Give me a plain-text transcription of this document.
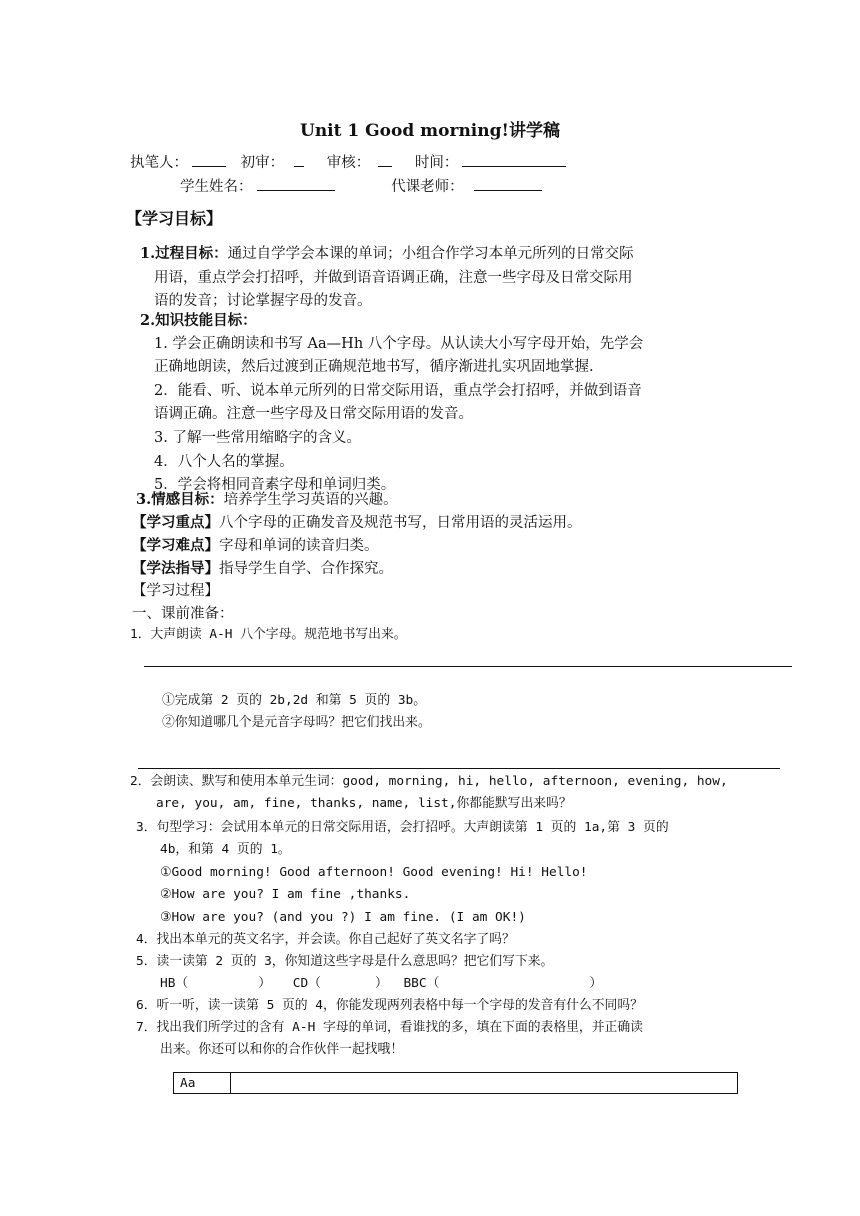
Unit 1 Good morning!讲学稿
执笔人：	初审：	审核：	时间：
学生姓名：	代课老师：
【学习目标】
1.过程目标：通过自学学会本课的单词；小组合作学习本单元所列的日常交际
用语，重点学会打招呼，并做到语音语调正确，注意一些字母及日常交际用
语的发音；讨论掌握字母的发音。
2.知识技能目标：
1. 学会正确朗读和书写 Aa—Hh 八个字母。从认读大小写字母开始，先学会
正确地朗读，然后过渡到正确规范地书写，循序渐进扎实巩固地掌握.
2．能看、听、说本单元所列的日常交际用语，重点学会打招呼，并做到语音
语调正确。注意一些字母及日常交际用语的发音。
3. 了解一些常用缩略字的含义。
4．八个人名的掌握。
5．学会将相同音素字母和单词归类。
3.情感目标：培养学生学习英语的兴趣。
【学习重点】八个字母的正确发音及规范书写，日常用语的灵活运用。
【学习难点】字母和单词的读音归类。
【学法指导】指导学生自学、合作探究。
【学习过程】
一、课前准备：
1．大声朗读 A-H 八个字母。规范地书写出来。
①完成第 2 页的 2b,2d 和第 5 页的 3b。
②你知道哪几个是元音字母吗？把它们找出来。
2．会朗读、默写和使用本单元生词：good, morning, hi, hello, afternoon, evening, how,
are, you, am, fine, thanks, name, list,你都能默写出来吗？
3．句型学习：会试用本单元的日常交际用语，会打招呼。大声朗读第 1 页的 1a,第 3 页的
4b，和第 4 页的 1。
①Good morning! Good afternoon! Good evening! Hi! Hello!
②How are you? I am fine ,thanks.
③How are you? (and you ?) I am fine. (I am OK!)
4．找出本单元的英文名字，并会读。你自己起好了英文名字了吗？
5．读一读第 2 页的 3，你知道这些字母是什么意思吗？把它们写下来。
HB（	） CD（	） BBC（	）
6．听一听，读一读第 5 页的 4，你能发现两列表格中每一个字母的发音有什么不同吗？
7．找出我们所学过的含有 A-H 字母的单词，看谁找的多，填在下面的表格里，并正确读
出来。你还可以和你的合作伙伴一起找哦！
Aa	
